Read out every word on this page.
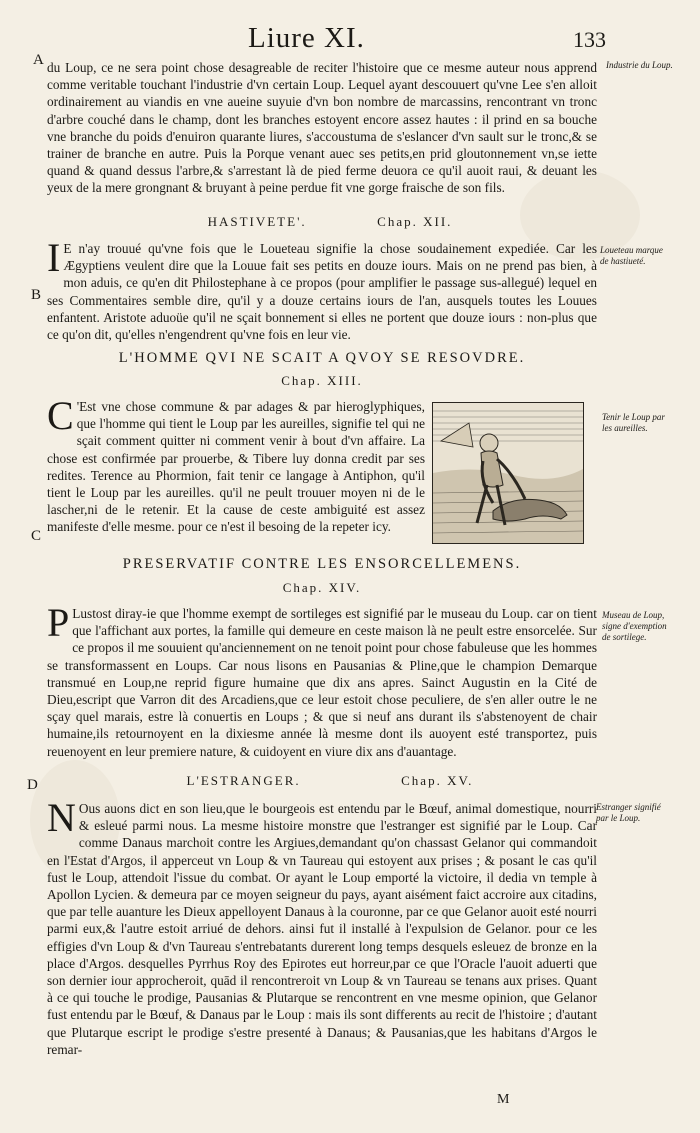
Liure XI.	133
A
B
C
D

du Loup, ce ne sera point chose desagreable de reciter l'histoire que ce mesme auteur nous apprend comme veritable touchant l'industrie d'vn certain Loup. Lequel ayant descouuert qu'vne Lee s'en alloit ordinairement au viandis en vne aueine suyuie d'vn bon nombre de marcassins, rencontrant vn tronc d'arbre couché dans le champ, dont les branches estoyent encore assez hautes : il prind en sa bouche vne branche du poids d'enuiron quarante liures, s'accoustuma de s'eslancer d'vn sault sur le tronc,& se trainer de branche en autre. Puis la Porque venant auec ses petits,en prid gloutonnement vn,se iette quand & quand dessus l'arbre,& s'arrestant là de pied ferme deuora ce qu'il auoit raui, & deuant les yeux de la mere grongnant & bruyant à peine perdue fit vne gorge fraische de son fils.

Industrie du Loup.
HASTIVETE'.	Chap. XII.
I E n'ay trouué qu'vne fois que le Loueteau signifie la chose soudainement expediée. Car les Ægyptiens veulent dire que la Louue fait ses petits en douze iours. Mais on ne prend pas bien, à mon aduis, ce qu'en dit Philostephane à ce propos (pour amplifier le passage sus-allegué) lequel en ses Commentaires semble dire, qu'il y a douze certains iours de l'an, ausquels toutes les Louues enfantent. Aristote aduoüe qu'il ne sçait bonnement si elles ne portent que douze iours : non-plus que ce qu'on dit, qu'elles n'engendrent qu'vne fois en leur vie.

Loueteau marque de hastiueté.
L'HOMME QVI NE SCAIT A QVOY SE RESOVDRE.
Chap. XIII.
C 'Est vne chose commune & par adages & par hieroglyphiques, que l'homme qui tient le Loup par les aureilles, signifie tel qui ne sçait comment quitter ni comment venir à bout d'vn affaire. La chose est confirmée par prouerbe, & Tibere luy donna credit par ses redites. Terence au Phormion, fait tenir ce langage à Antiphon, qu'il tient le Loup par les aureilles. qu'il ne peult trouuer moyen ni de le lascher,ni de le retenir. Et la cause de ceste ambiguité est assez manifeste d'elle mesme. pour ce n'est il besoing de la repeter icy.

Tenir le Loup par les aureilles.
PRESERVATIF CONTRE LES ENSORCELLEMENS.
Chap. XIV.
P Lustost diray-ie que l'homme exempt de sortileges est signifié par le museau du Loup. car on tient que l'affichant aux portes, la famille qui demeure en ceste maison là ne peult estre ensorcelée. Sur ce propos il me souuient qu'anciennement on ne tenoit point pour chose fabuleuse que les hommes se transformassent en Loups. Car nous lisons en Pausanias & Pline,que le champion Demarque transmué en Loup,ne reprid figure humaine que dix ans apres. Sainct Augustin en la Cité de Dieu,escript que Varron dit des Arcadiens,que ce leur estoit chose peculiere, de s'en aller outre le ne sçay quel marais, estre là conuertis en Loups ; & que si neuf ans durant ils s'abstenoyent de chair humaine,ils retournoyent en la dixiesme année là mesme dont ils auoyent esté transportez, puis reuenoyent en leur premiere nature, & cuidoyent en viure dix ans d'auantage.

Museau de Loup, signe d'exemption de sortilege.
L'ESTRANGER.	Chap. XV.
N Ous auons dict en son lieu,que le bourgeois est entendu par le Bœuf, animal domestique, nourri & esleué parmi nous. La mesme histoire monstre que l'estranger est signifié par le Loup. Car comme Danaus marchoit contre les Argiues,demandant qu'on chassast Gelanor qui commandoit en l'Estat d'Argos, il apperceut vn Loup & vn Taureau qui estoyent aux prises ; & posant le cas qu'il fust le Loup, attendoit l'issue du combat. Or ayant le Loup emporté la victoire, il dedia vn temple à Apollon Lycien. & demeura par ce moyen seigneur du pays, ayant aisément faict accroire aux citadins, que par telle auanture les Dieux appelloyent Danaus à la couronne, par ce que Gelanor auoit esté nourri parmi eux,& l'autre estoit arriué de dehors. ainsi fut il installé à l'expulsion de Gelanor. pour ce les effigies d'vn Loup & d'vn Taureau s'entrebatants durerent long temps desquels esleuez de bronze en la place d'Argos. desquelles Pyrrhus Roy des Epirotes eut horreur,par ce que l'Oracle l'auoit aduerti que son dernier iour approcheroit, quād il rencontreroit vn Loup & vn Taureau se tenans aux prises. Quant à ce qui touche le prodige, Pausanias & Plutarque se rencontrent en vne mesme opinion, que Gelanor fust entendu par le Bœuf, & Danaus par le Loup : mais ils sont differents au recit de l'histoire ; d'autant que Plutarque escript le prodige s'estre presenté à Danaus; & Pausanias,que les habitans d'Argos le remar-

Estranger signifié par le Loup.
M
